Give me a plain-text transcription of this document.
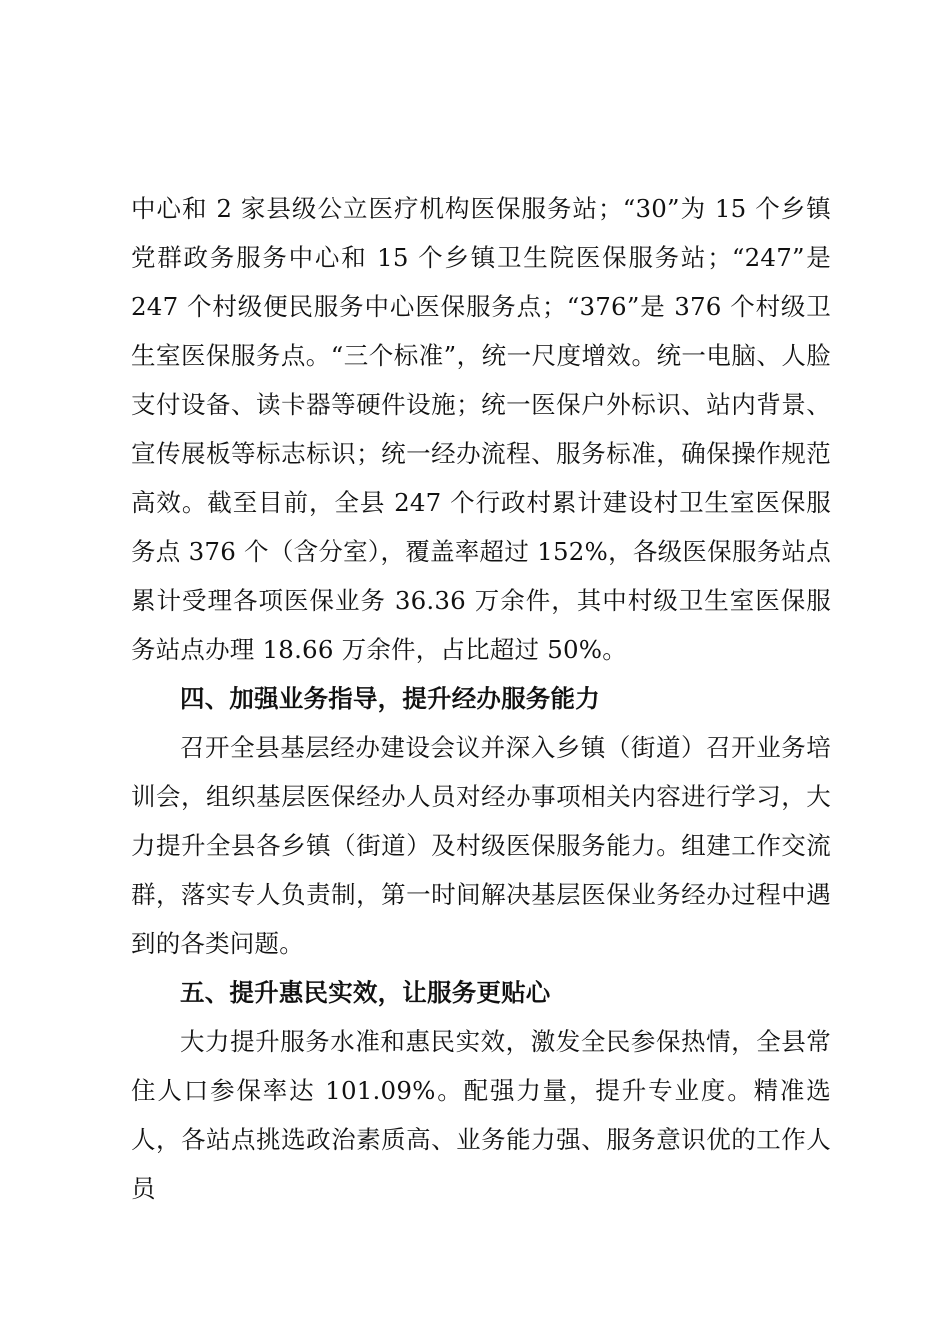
中心和 2 家县级公立医疗机构医保服务站；“30”为 15 个乡镇党群政务服务中心和 15 个乡镇卫生院医保服务站；“247”是 247 个村级便民服务中心医保服务点；“376”是 376 个村级卫生室医保服务点。“三个标准”，统一尺度增效。统一电脑、人脸支付设备、读卡器等硬件设施；统一医保户外标识、站内背景、宣传展板等标志标识；统一经办流程、服务标准，确保操作规范高效。截至目前，全县 247 个行政村累计建设村卫生室医保服务点 376 个（含分室），覆盖率超过 152%，各级医保服务站点累计受理各项医保业务 36.36 万余件，其中村级卫生室医保服务站点办理 18.66 万余件，占比超过 50%。

四、加强业务指导，提升经办服务能力

召开全县基层经办建设会议并深入乡镇（街道）召开业务培训会，组织基层医保经办人员对经办事项相关内容进行学习，大力提升全县各乡镇（街道）及村级医保服务能力。组建工作交流群，落实专人负责制，第一时间解决基层医保业务经办过程中遇到的各类问题。

五、提升惠民实效，让服务更贴心

大力提升服务水准和惠民实效，激发全民参保热情，全县常住人口参保率达 101.09%。配强力量，提升专业度。精准选人，各站点挑选政治素质高、业务能力强、服务意识优的工作人员
